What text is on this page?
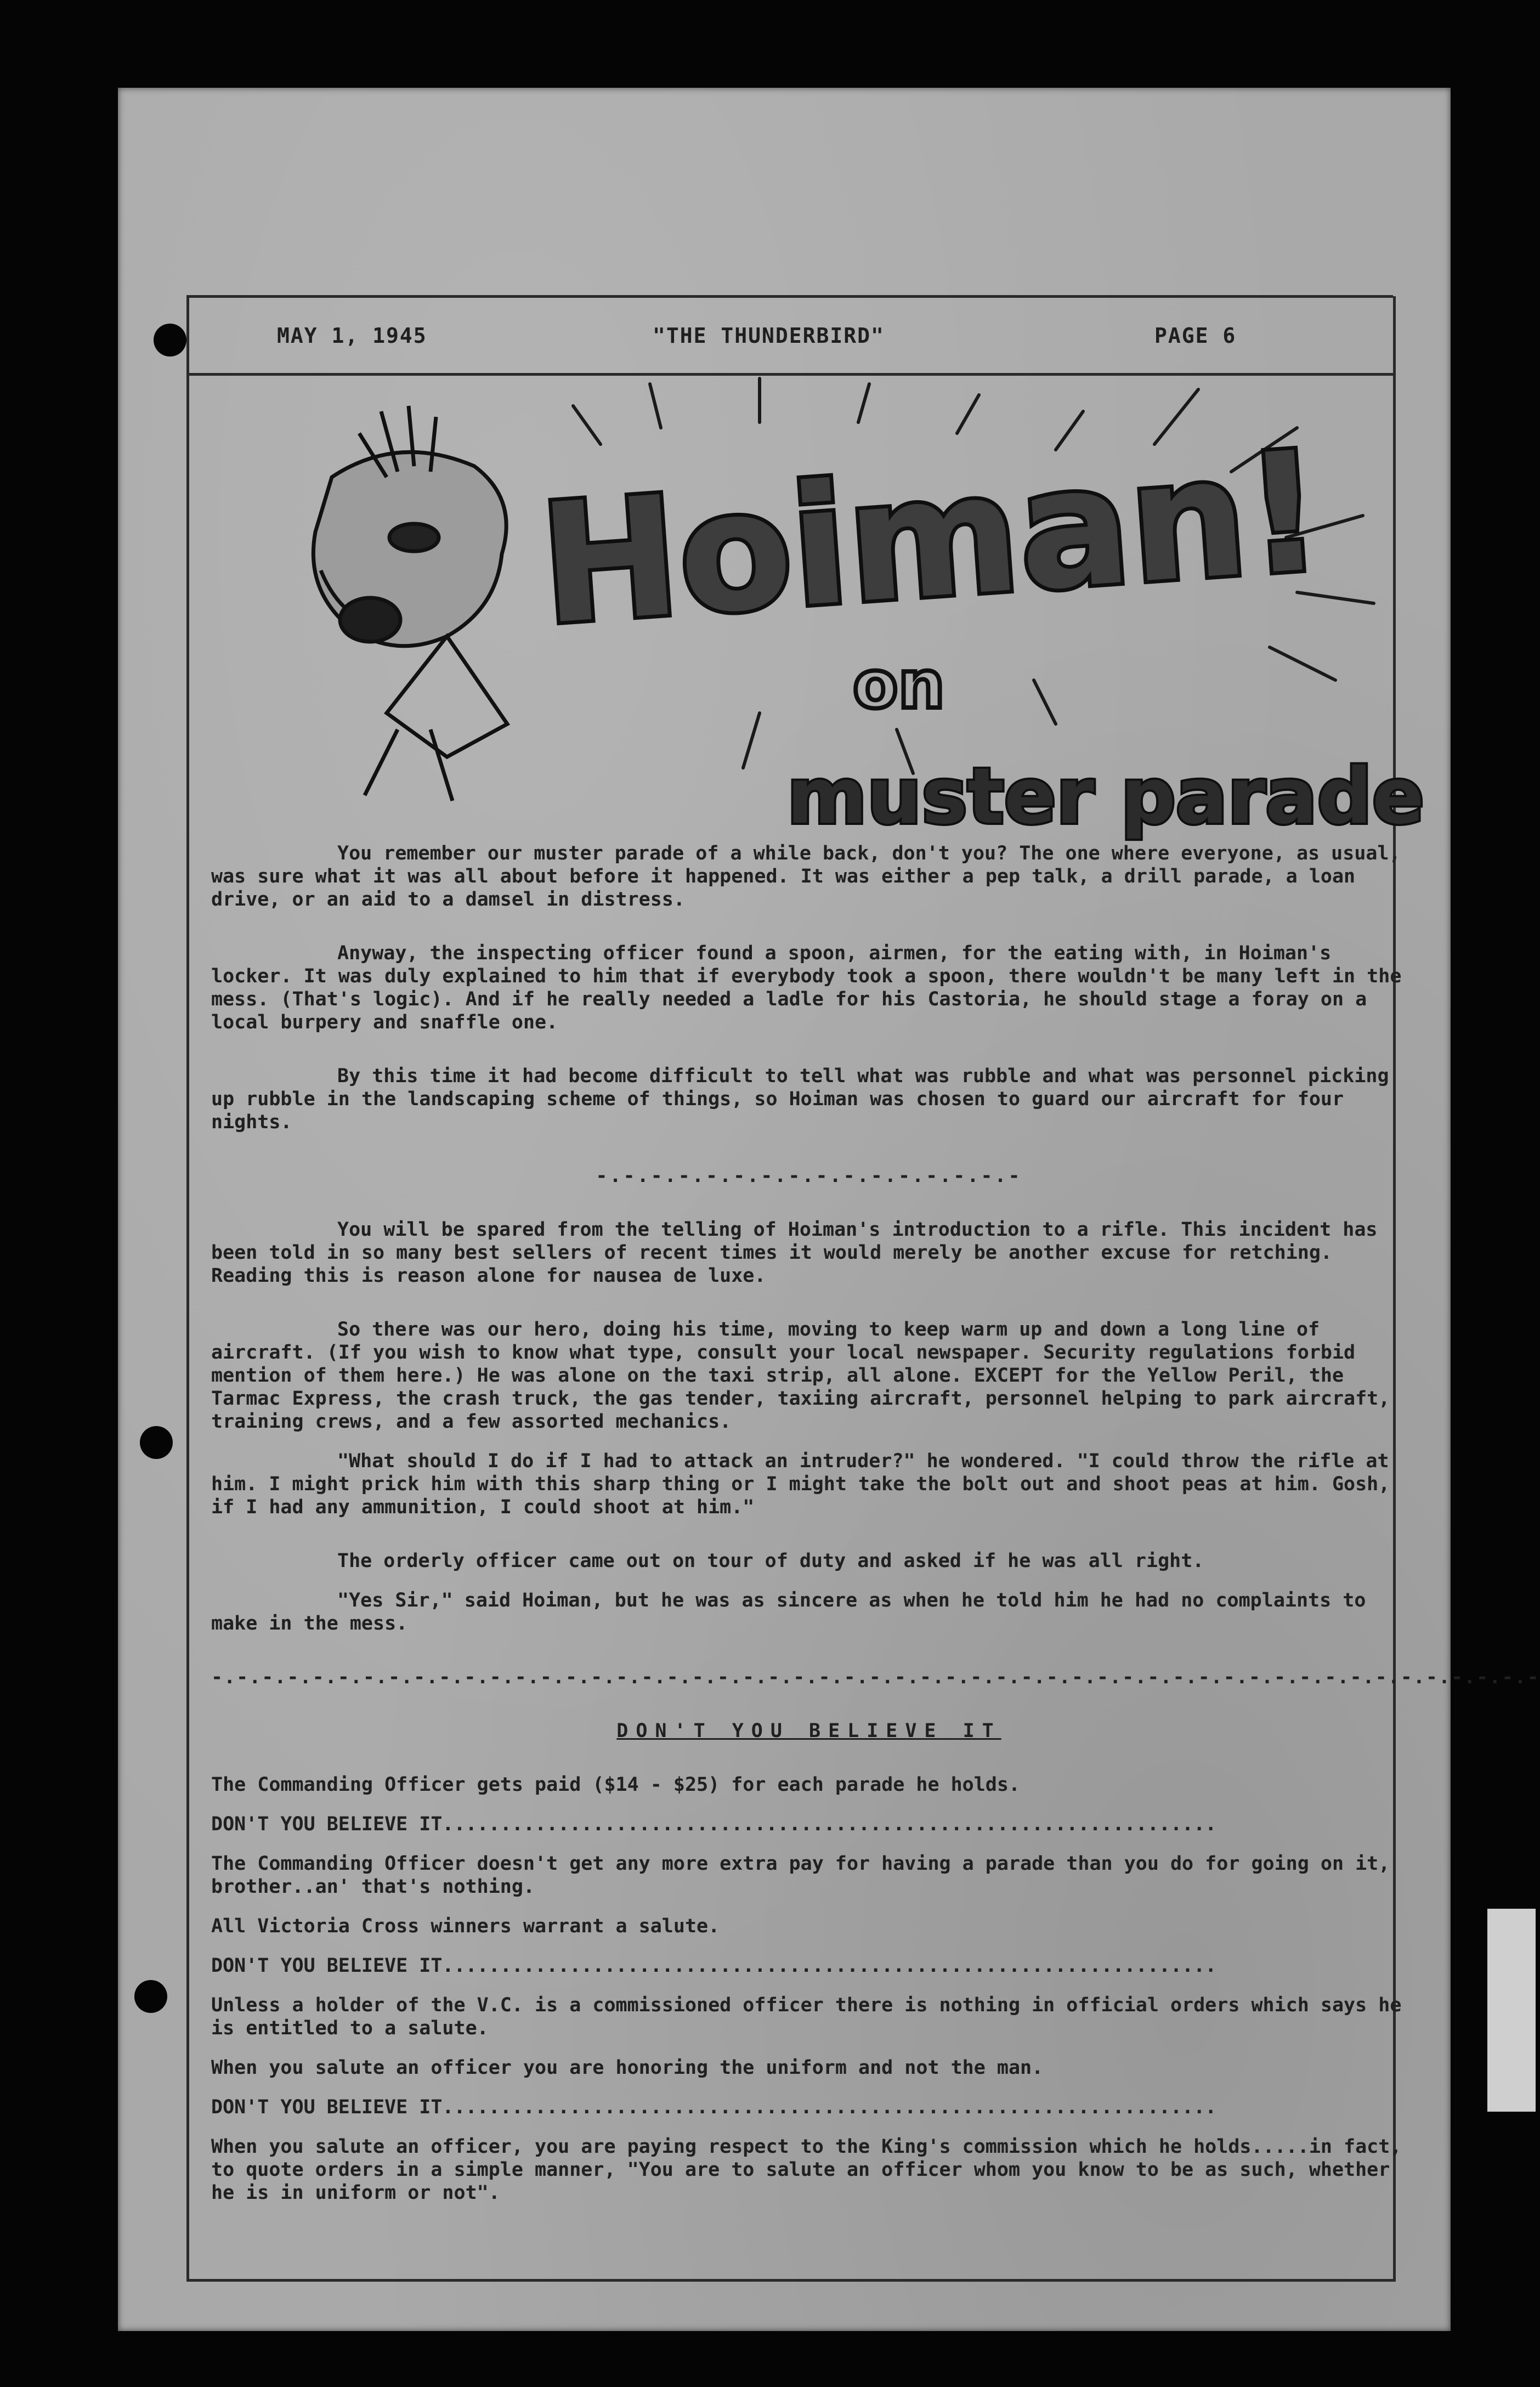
MAY 1, 1945	"THE THUNDERBIRD"	PAGE 6
Hoiman!
on
muster parade

You remember our muster parade of a while back, don't you? The one where everyone, as usual, was sure what it was all about before it happened. It was either a pep talk, a drill parade, a loan drive, or an aid to a damsel in distress.

Anyway, the inspecting officer found a spoon, airmen, for the eating with, in Hoiman's locker. It was duly explained to him that if everybody took a spoon, there wouldn't be many left in the mess. (That's logic). And if he really needed a ladle for his Castoria, he should stage a foray on a local burpery and snaffle one.

By this time it had become difficult to tell what was rubble and what was personnel picking up rubble in the landscaping scheme of things, so Hoiman was chosen to guard our aircraft for four nights.

-.-.-.-.-.-.-.-.-.-.-.-.-.-.-.-

You will be spared from the telling of Hoiman's introduction to a rifle. This incident has been told in so many best sellers of recent times it would merely be another excuse for retching. Reading this is reason alone for nausea de luxe.

So there was our hero, doing his time, moving to keep warm up and down a long line of aircraft. (If you wish to know what type, consult your local newspaper. Security regulations forbid mention of them here.) He was alone on the taxi strip, all alone. EXCEPT for the Yellow Peril, the Tarmac Express, the crash truck, the gas tender, taxiing aircraft, personnel helping to park aircraft, training crews, and a few assorted mechanics.

"What should I do if I had to attack an intruder?" he wondered. "I could throw the rifle at him. I might prick him with this sharp thing or I might take the bolt out and shoot peas at him. Gosh, if I had any ammunition, I could shoot at him."

The orderly officer came out on tour of duty and asked if he was all right.

"Yes Sir," said Hoiman, but he was as sincere as when he told him he had no complaints to make in the mess.

-.-.-.-.-.-.-.-.-.-.-.-.-.-.-.-.-.-.-.-.-.-.-.-.-.-.-.-.-.-.-.-.-.-.-.-.-.-.-.-.-.-.-.-.-.-.-.-.-.-.-.-.-

DON'T YOU BELIEVE IT

The Commanding Officer gets paid ($14 - $25) for each parade he holds.

DON'T YOU BELIEVE IT...................................................................

The Commanding Officer doesn't get any more extra pay for having a parade than you do for going on it, brother..an' that's nothing.

All Victoria Cross winners warrant a salute.

DON'T YOU BELIEVE IT...................................................................

Unless a holder of the V.C. is a commissioned officer there is nothing in official orders which says he is entitled to a salute.

When you salute an officer you are honoring the uniform and not the man.

DON'T YOU BELIEVE IT...................................................................

When you salute an officer, you are paying respect to the King's commission which he holds.....in fact, to quote orders in a simple manner, "You are to salute an officer whom you know to be as such, whether he is in uniform or not".
